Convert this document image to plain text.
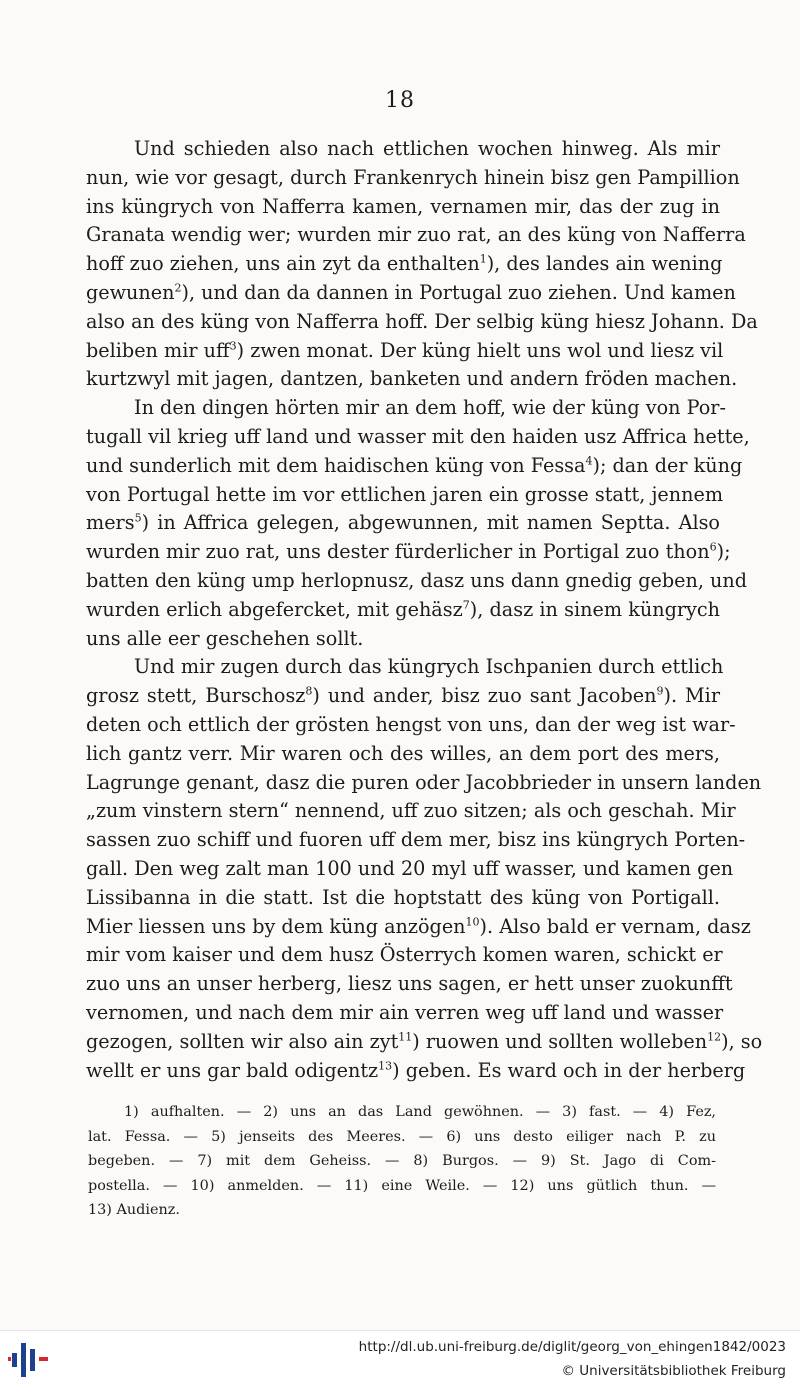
18
Und schieden also nach ettlichen wochen hinweg. Als mir
nun, wie vor gesagt, durch Frankenrych hinein bisz gen Pampillion
ins küngrych von Nafferra kamen, vernamen mir, das der zug in
Granata wendig wer; wurden mir zuo rat, an des küng von Nafferra
hoff zuo ziehen, uns ain zyt da enthalten$^1$), des landes ain wening
gewunen$^2$), und dan da dannen in Portugal zuo ziehen. Und kamen
also an des küng von Nafferra hoff. Der selbig küng hiesz Johann. Da
beliben mir uff$^3$) zwen monat. Der küng hielt uns wol und liesz vil
kurtzwyl mit jagen, dantzen, banketen und andern fröden machen.
In den dingen hörten mir an dem hoff, wie der küng von Por-
tugall vil krieg uff land und wasser mit den haiden usz Affrica hette,
und sunderlich mit dem haidischen küng von Fessa$^4$); dan der küng
von Portugal hette im vor ettlichen jaren ein grosse statt, jennem
mers$^5$) in Affrica gelegen, abgewunnen, mit namen Septta. Also
wurden mir zuo rat, uns dester fürderlicher in Portigal zuo thon$^6$);
batten den küng ump herlopnusz, dasz uns dann gnedig geben, und
wurden erlich abgefercket, mit gehäsz$^7$), dasz in sinem küngrych
uns alle eer geschehen sollt.
Und mir zugen durch das küngrych Ischpanien durch ettlich
grosz stett, Burschosz$^8$) und ander, bisz zuo sant Jacoben$^9$). Mir
deten och ettlich der grösten hengst von uns, dan der weg ist war-
lich gantz verr. Mir waren och des willes, an dem port des mers,
Lagrunge genant, dasz die puren oder Jacobbrieder in unsern landen
„zum vinstern stern“ nennend, uff zuo sitzen; als och geschah. Mir
sassen zuo schiff und fuoren uff dem mer, bisz ins küngrych Porten-
gall. Den weg zalt man 100 und 20 myl uff wasser, und kamen gen
Lissibanna in die statt. Ist die hoptstatt des küng von Portigall.
Mier liessen uns by dem küng anzögen$^{10}$). Also bald er vernam, dasz
mir vom kaiser und dem husz Österrych komen waren, schickt er
zuo uns an unser herberg, liesz uns sagen, er hett unser zuokunfft
vernomen, und nach dem mir ain verren weg uff land und wasser
gezogen, sollten wir also ain zyt$^{11}$) ruowen und sollten wolleben$^{12}$), so
wellt er uns gar bald odigentz$^{13}$) geben. Es ward och in der herberg
1) aufhalten. — 2) uns an das Land gewöhnen. — 3) fast. — 4) Fez,
lat. Fessa. — 5) jenseits des Meeres. — 6) uns desto eiliger nach P. zu
begeben. — 7) mit dem Geheiss. — 8) Burgos. — 9) St. Jago di Com-
postella. — 10) anmelden. — 11) eine Weile. — 12) uns gütlich thun. —
13) Audienz.
http://dl.ub.uni-freiburg.de/diglit/georg_von_ehingen1842/0023
© Universitätsbibliothek Freiburg
